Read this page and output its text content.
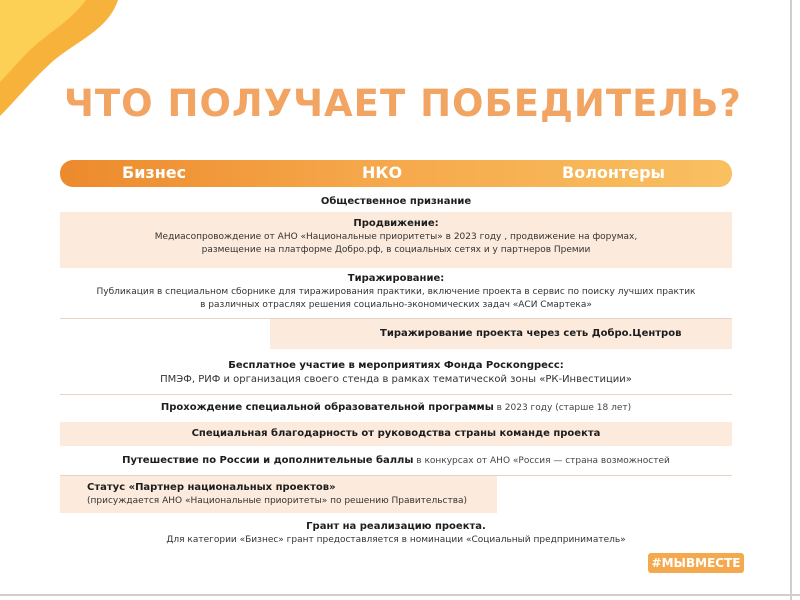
ЧТО ПОЛУЧАЕТ ПОБЕДИТЕЛЬ?
Бизнес	НКО	Волонтеры
Общественное признание
Продвижение:
Медиасопровождение от АНО «Национальные приоритеты» в 2023 году , продвижение на форумах,
размещение на платформе Добро.рф, в социальных сетях и у партнеров Премии
Тиражирование:
Публикация в специальном сборнике для тиражирования практики, включение проекта в сервис по поиску лучших практик
в различных отраслях решения социально-экономических задач «АСИ Смартека»
Тиражирование проекта через сеть Добро.Центров
Бесплатное участие в мероприятиях Фонда Роскongресс:
ПМЭФ, РИФ и организация своего стенда в рамках тематической зоны «РК-Инвестиции»
Прохождение специальной образовательной программы в 2023 году (старше 18 лет)
Специальная благодарность от руководства страны команде проекта
Путешествие по России и дополнительные баллы в конкурсах от АНО «Россия — страна возможностей
Статус «Партнер национальных проектов»
(присуждается АНО «Национальные приоритеты» по решению Правительства)
Грант на реализацию проекта.
Для категории «Бизнес» грант предоставляется в номинации «Социальный предприниматель»
#МЫВМЕСТЕ
